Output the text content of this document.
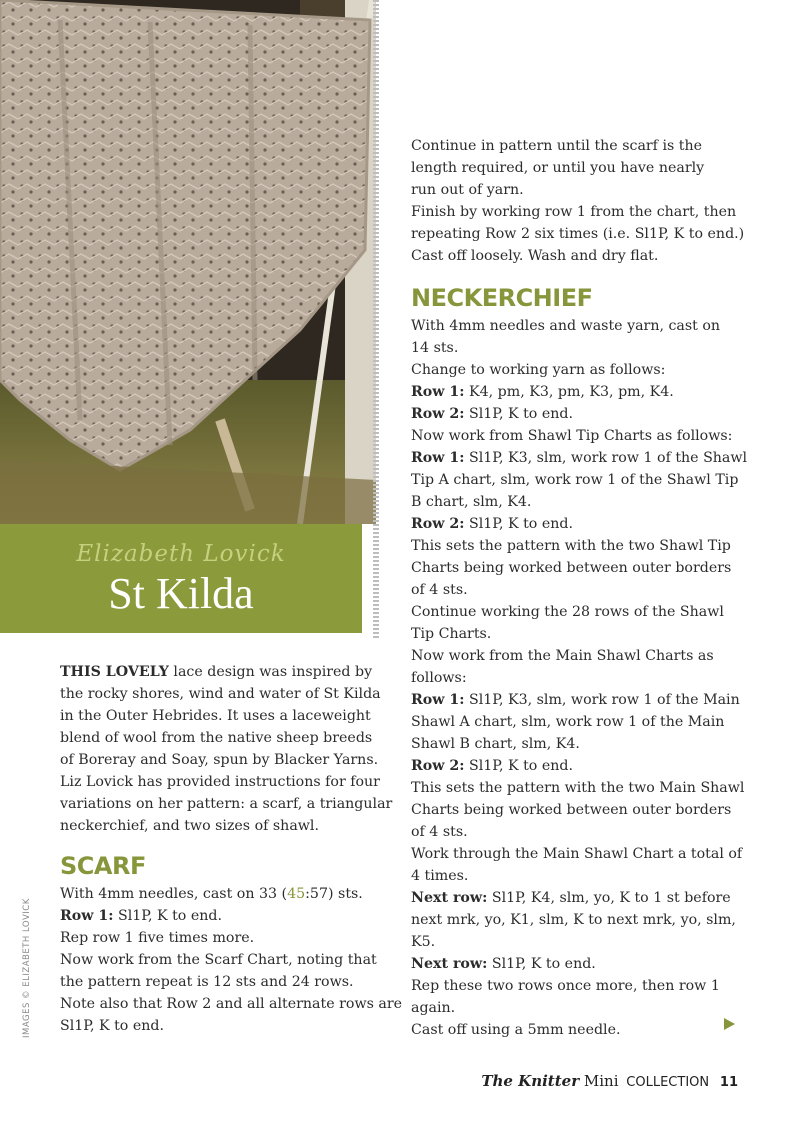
Elizabeth Lovick
St Kilda

THIS LOVELY lace design was inspired by

the rocky shores, wind and water of St Kilda

in the Outer Hebrides. It uses a laceweight

blend of wool from the native sheep breeds

of Boreray and Soay, spun by Blacker Yarns.

Liz Lovick has provided instructions for four

variations on her pattern: a scarf, a triangular

neckerchief, and two sizes of shawl.

SCARF

With 4mm needles, cast on 33 (45:57) sts.

Row 1: Sl1P, K to end.

Rep row 1 five times more.

Now work from the Scarf Chart, noting that

the pattern repeat is 12 sts and 24 rows.

Note also that Row 2 and all alternate rows are

Sl1P, K to end.

Continue in pattern until the scarf is the

length required, or until you have nearly

run out of yarn.

Finish by working row 1 from the chart, then

repeating Row 2 six times (i.e. Sl1P, K to end.)

Cast off loosely. Wash and dry flat.

NECKERCHIEF

With 4mm needles and waste yarn, cast on

14 sts.

Change to working yarn as follows:

Row 1: K4, pm, K3, pm, K3, pm, K4.

Row 2: Sl1P, K to end.

Now work from Shawl Tip Charts as follows:

Row 1: Sl1P, K3, slm, work row 1 of the Shawl

Tip A chart, slm, work row 1 of the Shawl Tip

B chart, slm, K4.

Row 2: Sl1P, K to end.

This sets the pattern with the two Shawl Tip

Charts being worked between outer borders

of 4 sts.

Continue working the 28 rows of the Shawl

Tip Charts.

Now work from the Main Shawl Charts as

follows:

Row 1: Sl1P, K3, slm, work row 1 of the Main

Shawl A chart, slm, work row 1 of the Main

Shawl B chart, slm, K4.

Row 2: Sl1P, K to end.

This sets the pattern with the two Main Shawl

Charts being worked between outer borders

of 4 sts.

Work through the Main Shawl Chart a total of

4 times.

Next row: Sl1P, K4, slm, yo, K to 1 st before

next mrk, yo, K1, slm, K to next mrk, yo, slm,

K5.

Next row: Sl1P, K to end.

Rep these two rows once more, then row 1

again.

Cast off using a 5mm needle.

IMAGES © ELIZABETH LOVICK
The Knitter Mini COLLECTION 11
